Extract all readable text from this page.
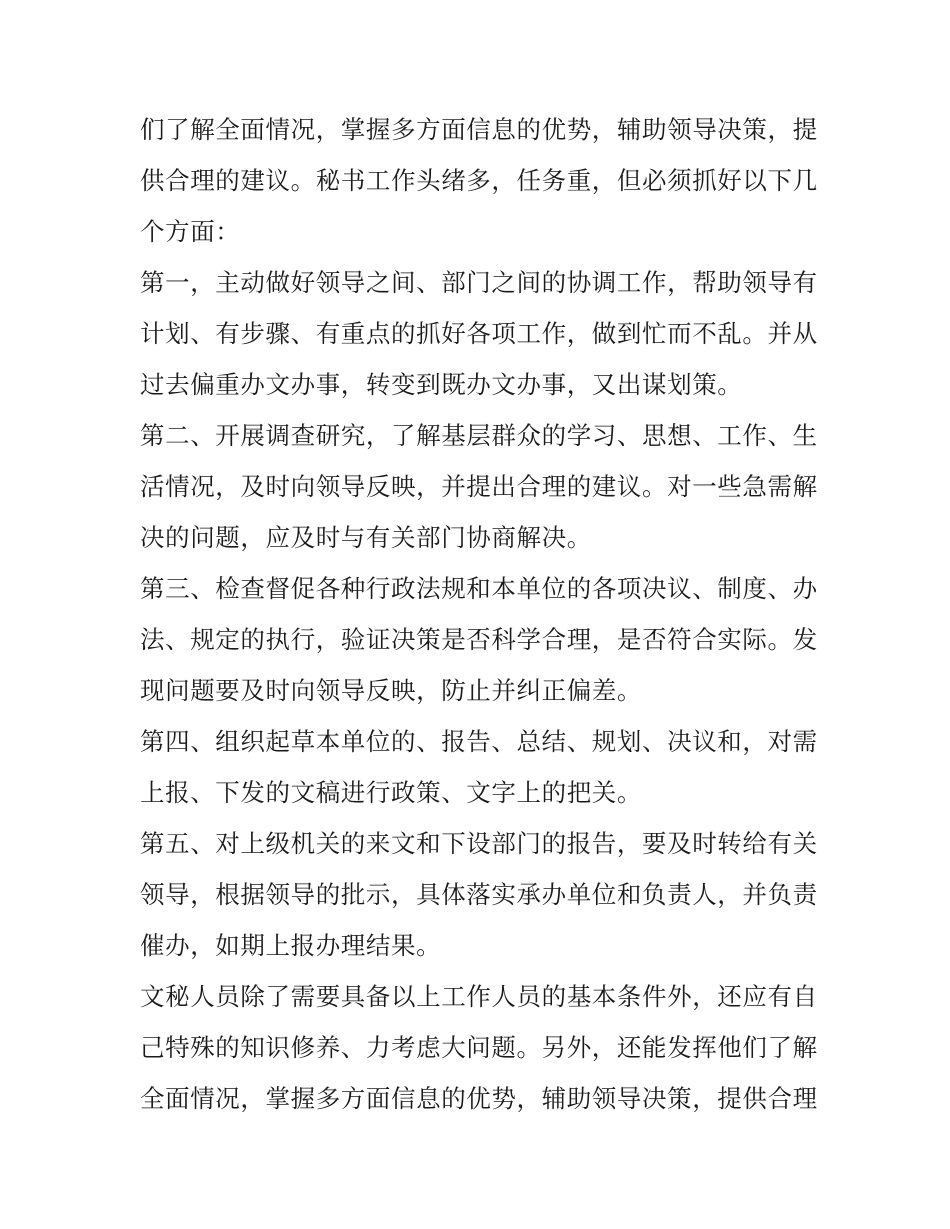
们了解全面情况，掌握多方面信息的优势，辅助领导决策，提
供合理的建议。秘书工作头绪多，任务重，但必须抓好以下几
个方面：
第一，主动做好领导之间、部门之间的协调工作，帮助领导有
计划、有步骤、有重点的抓好各项工作，做到忙而不乱。并从
过去偏重办文办事，转变到既办文办事，又出谋划策。
第二、开展调查研究，了解基层群众的学习、思想、工作、生
活情况，及时向领导反映，并提出合理的建议。对一些急需解
决的问题，应及时与有关部门协商解决。
第三、检查督促各种行政法规和本单位的各项决议、制度、办
法、规定的执行，验证决策是否科学合理，是否符合实际。发
现问题要及时向领导反映，防止并纠正偏差。
第四、组织起草本单位的、报告、总结、规划、决议和，对需
上报、下发的文稿进行政策、文字上的把关。
第五、对上级机关的来文和下设部门的报告，要及时转给有关
领导，根据领导的批示，具体落实承办单位和负责人，并负责
催办，如期上报办理结果。
文秘人员除了需要具备以上工作人员的基本条件外，还应有自
己特殊的知识修养、力考虑大问题。另外，还能发挥他们了解
全面情况，掌握多方面信息的优势，辅助领导决策，提供合理
